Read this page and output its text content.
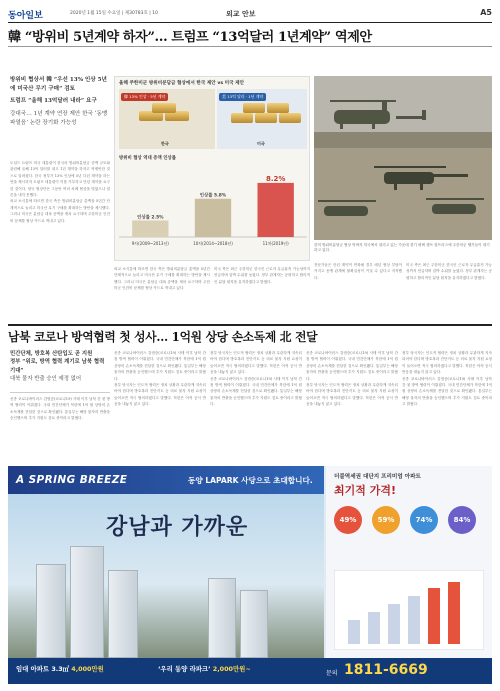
동아일보	2020년 1월 15일 수요일 | 제30783호 | 10	외교 안보	A5
韓 “방위비 5년계약 하자”… 트럼프 “13억달러 1년계약” 역제안

방위비 협상서 韓 “우선 13% 인상 5년에 미국산 무기 구매” 검토

트럼프 “올해 13억달러 내라” 요구

강대국… 1년 계약 연장 제안 한국 ‘동맹 파열음’ 논란 장기화 가능성

도널드 트럼프 미국 대통령이 한국의 방위비분담금 증액 규모와 관련해 올해 13억 달러를 내고 1년 계약을 하자고 역제안한 것으로 알려졌다. 한국 정부가 13% 인상에 5년 다년 계약을 하는 안을 제시하자 트럼프 대통령이 이를 거부하고 단년 계약을 요구한 것이다. 양국 협상단은 그동안 여러 차례 협상을 벌였으나 결론을 내지 못했다.

외교 소식통에 따르면 한국 측은 방위비분담금 총액을 5년간 단계적으로 늘리고 미국산 무기 구매를 확대하는 방안을 제시했다. 그러나 미국은 분담금 대폭 증액을 재차 요구하며 주한미군 인건비 문제를 협상 카드로 꺼내고 있다.

외교 소식통에 따르면 한국 측은 방위비분담금 총액을 5년간 단계적으로 늘리고 미국산 무기 구매를 확대하는 방안을 제시했다. 그러나 미국은 분담금 대폭 증액을 재차 요구하며 주한미군 인건비 문제를 협상 카드로 꺼내고 있다.

미국 측은 최근 주한미군 한국인 근로자 무급휴직 가능성까지 언급하며 압박 수위를 높였다. 정부 관계자는 공평하고 합리적인 분담 원칙을 유지하겠다고 밝혔다.

전문가들은 단년 계약이 반복될 경우 매년 협상 부담이 커지고 동맹 관계에 불확실성이 커질 수 있다고 지적했다.

미국 측은 최근 주한미군 한국인 근로자 무급휴직 가능성까지 언급하며 압박 수위를 높였다. 정부 관계자는 공평하고 합리적인 분담 원칙을 유지하겠다고 밝혔다.

올해 주한미군 방위비분담금 협상에서 한국 제안 vs 미국 제안
韓 13% 인상 · 5년 계약
한국
美 13억 달러 · 1년 계약
미국
방위비 협상 역대 증액 인상률
인상률 2.5%
9차(2009~2013년)
인상률 5.8%
10차(2014~2018년)
8.2%
11차(2019년)	한미 방위비분담금 협상 막바지 미국에서 열리고 있는 가운데 경기 평택 캠프 험프리스에 주한미군 헬기들이 대기하고 있다.
남북 코로나 방역협력 첫 성사… 1억원 상당 손소독제 北 전달

민간단체, 방호복 산탄입도 곧 지원

정부 “위로, 방역 협력 계기로 남북 협력 기대”

대북 물자 반출 승인 예정 없어

신종 코로나바이러스 감염증(코로나19) 사태 이후 남북 간 첫 방역 협력이 이뤄졌다. 국내 민간단체가 북한에 1억 원 상당의 손소독제를 전달한 것으로 확인됐다. 통일부는 해당 물자의 반출을 승인했으며 추가 지원도 검토 중이라고 밝혔다.

신종 코로나바이러스 감염증(코로나19) 사태 이후 남북 간 첫 방역 협력이 이뤄졌다. 국내 민간단체가 북한에 1억 원 상당의 손소독제를 전달한 것으로 확인됐다. 통일부는 해당 물자의 반출을 승인했으며 추가 지원도 검토 중이라고 밝혔다.

정부 당국자는 인도적 협력은 정치 상황과 무관하게 지속되어야 한다며 방호복과 진단키트 등 의료 물자 지원 요청이 들어오면 적극 협의하겠다고 말했다. 북한은 아직 공식 반응을 내놓지 않고 있다.

정부 당국자는 인도적 협력은 정치 상황과 무관하게 지속되어야 한다며 방호복과 진단키트 등 의료 물자 지원 요청이 들어오면 적극 협의하겠다고 말했다. 북한은 아직 공식 반응을 내놓지 않고 있다.

신종 코로나바이러스 감염증(코로나19) 사태 이후 남북 간 첫 방역 협력이 이뤄졌다. 국내 민간단체가 북한에 1억 원 상당의 손소독제를 전달한 것으로 확인됐다. 통일부는 해당 물자의 반출을 승인했으며 추가 지원도 검토 중이라고 밝혔다.

신종 코로나바이러스 감염증(코로나19) 사태 이후 남북 간 첫 방역 협력이 이뤄졌다. 국내 민간단체가 북한에 1억 원 상당의 손소독제를 전달한 것으로 확인됐다. 통일부는 해당 물자의 반출을 승인했으며 추가 지원도 검토 중이라고 밝혔다.

정부 당국자는 인도적 협력은 정치 상황과 무관하게 지속되어야 한다며 방호복과 진단키트 등 의료 물자 지원 요청이 들어오면 적극 협의하겠다고 말했다. 북한은 아직 공식 반응을 내놓지 않고 있다.

정부 당국자는 인도적 협력은 정치 상황과 무관하게 지속되어야 한다며 방호복과 진단키트 등 의료 물자 지원 요청이 들어오면 적극 협의하겠다고 말했다. 북한은 아직 공식 반응을 내놓지 않고 있다.

신종 코로나바이러스 감염증(코로나19) 사태 이후 남북 간 첫 방역 협력이 이뤄졌다. 국내 민간단체가 북한에 1억 원 상당의 손소독제를 전달한 것으로 확인됐다. 통일부는 해당 물자의 반출을 승인했으며 추가 지원도 검토 중이라고 밝혔다.

A SPRING BREEZE	동양 LAPARK 사당으로 초대합니다.
강남과 가까운
더블역세권 대단지 프리미엄 아파트
최기적 가격!
49%	59%	74%	84%
임대 아파트 3.3㎡ 4,000만원	‘우리 동양 라파크’ 2,000만원~
문의 1811-6669
